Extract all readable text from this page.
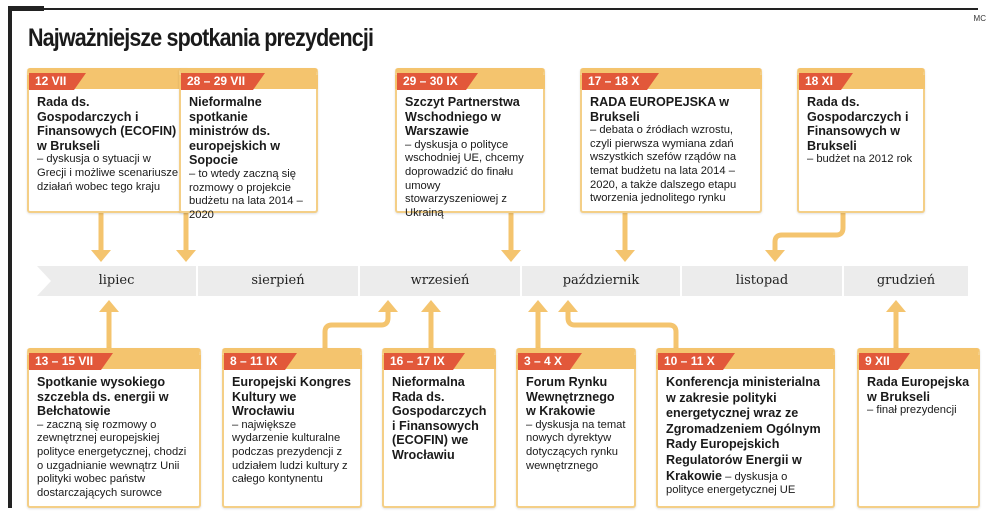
MC
Najważniejsze spotkania prezydencji
lipiec	sierpień	wrzesień	październik	listopad	grudzień
12 VII
Rada ds. Gospodarczych i Finansowych (ECOFIN) w Brukseli
– dyskusja o sytuacji w Grecji i możliwe scenariusze działań wobec tego kraju
28 – 29 VII
Nieformalne spotkanie ministrów ds. europejskich w Sopocie
– to wtedy zaczną się rozmowy o projekcie budżetu na lata 2014 – 2020
29 – 30 IX
Szczyt Partnerstwa Wschodniego w Warszawie
– dyskusja o polityce wschodniej UE, chcemy doprowadzić do finału umowy stowarzyszeniowej z Ukrainą
17 – 18 X
RADA EUROPEJSKA w Brukseli
– debata o źródłach wzrostu, czyli pierwsza wymiana zdań wszystkich szefów rządów na temat budżetu na lata 2014 – 2020, a także dalszego etapu tworzenia jednolitego rynku
18 XI
Rada ds. Gospodarczych i Finansowych w Brukseli
– budżet na 2012 rok
13 – 15 VII
Spotkanie wysokiego szczebla ds. energii w Bełchatowie
– zaczną się rozmowy o zewnętrznej europejskiej polityce energetycznej, chodzi o uzgadnianie wewnątrz Unii polityki wobec państw dostarczających surowce
8 – 11 IX
Europejski Kongres Kultury we Wrocławiu
– największe wydarzenie kulturalne podczas prezydencji z udziałem ludzi kultury z całego kontynentu
16 – 17 IX
Nieformalna Rada ds. Gospodarczych i Finansowych (ECOFIN) we Wrocławiu
3 – 4 X
Forum Rynku Wewnętrznego w Krakowie
– dyskusja na temat nowych dyrektyw dotyczących rynku wewnętrznego
10 – 11 X
Konferencja ministerialna w zakresie polityki energetycznej wraz ze Zgromadzeniem Ogólnym Rady Europejskich Regulatorów Energii w Krakowie – dyskusja o polityce energetycznej UE
9 XII
Rada Europejska w Brukseli
– finał prezydencji
